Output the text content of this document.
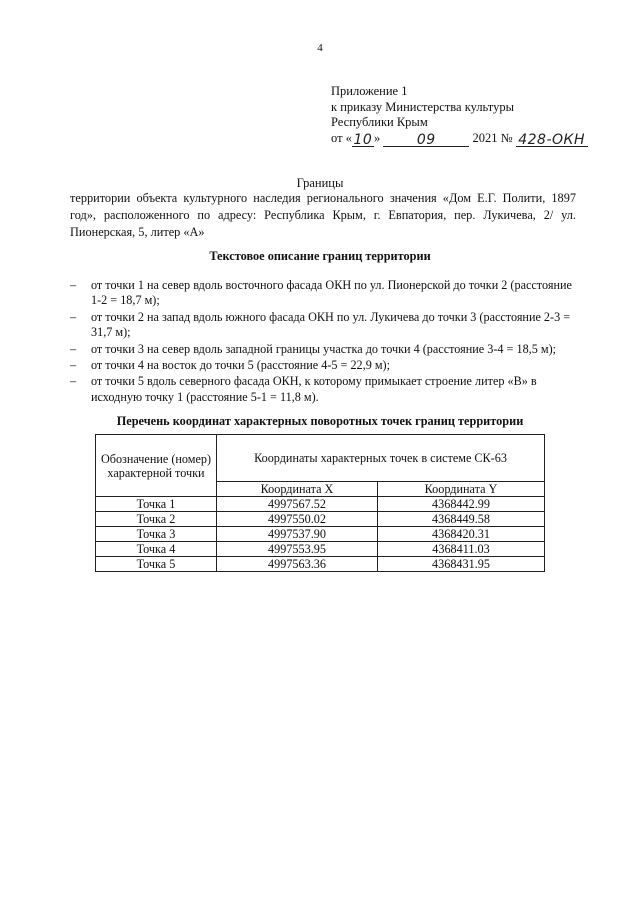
4
Приложение 1
к приказу Министерства культуры
Республики Крым
от « 10 »	09	2021 № 428-ОКН
Границы
территории объекта культурного наследия регионального значения «Дом Е.Г. Полити, 1897 год», расположенного по адресу: Республика Крым, г. Евпатория, пер. Лукичева, 2/ ул. Пионерская, 5, литер «А»
Текстовое описание границ территории
– от точки 1 на север вдоль восточного фасада ОКН по ул. Пионерской до точки 2 (расстояние 1-2 = 18,7 м);
– от точки 2 на запад вдоль южного фасада ОКН по ул. Лукичева до точки 3 (расстояние 2-3 = 31,7 м);
– от точки 3 на север вдоль западной границы участка до точки 4 (расстояние 3-4 = 18,5 м);
– от точки 4 на восток до точки 5 (расстояние 4-5 = 22,9 м);
– от точки 5 вдоль северного фасада ОКН, к которому примыкает строение литер «В» в исходную точку 1 (расстояние 5-1 = 11,8 м).
Перечень координат характерных поворотных точек границ территории
Обозначение (номер) характерной точки	Координаты характерных точек в системе СК-63	
	Координата X	Координата Y
Точка 1	4997567.52	4368442.99
Точка 2	4997550.02	4368449.58
Точка 3	4997537.90	4368420.31
Точка 4	4997553.95	4368411.03
Точка 5	4997563.36	4368431.95
